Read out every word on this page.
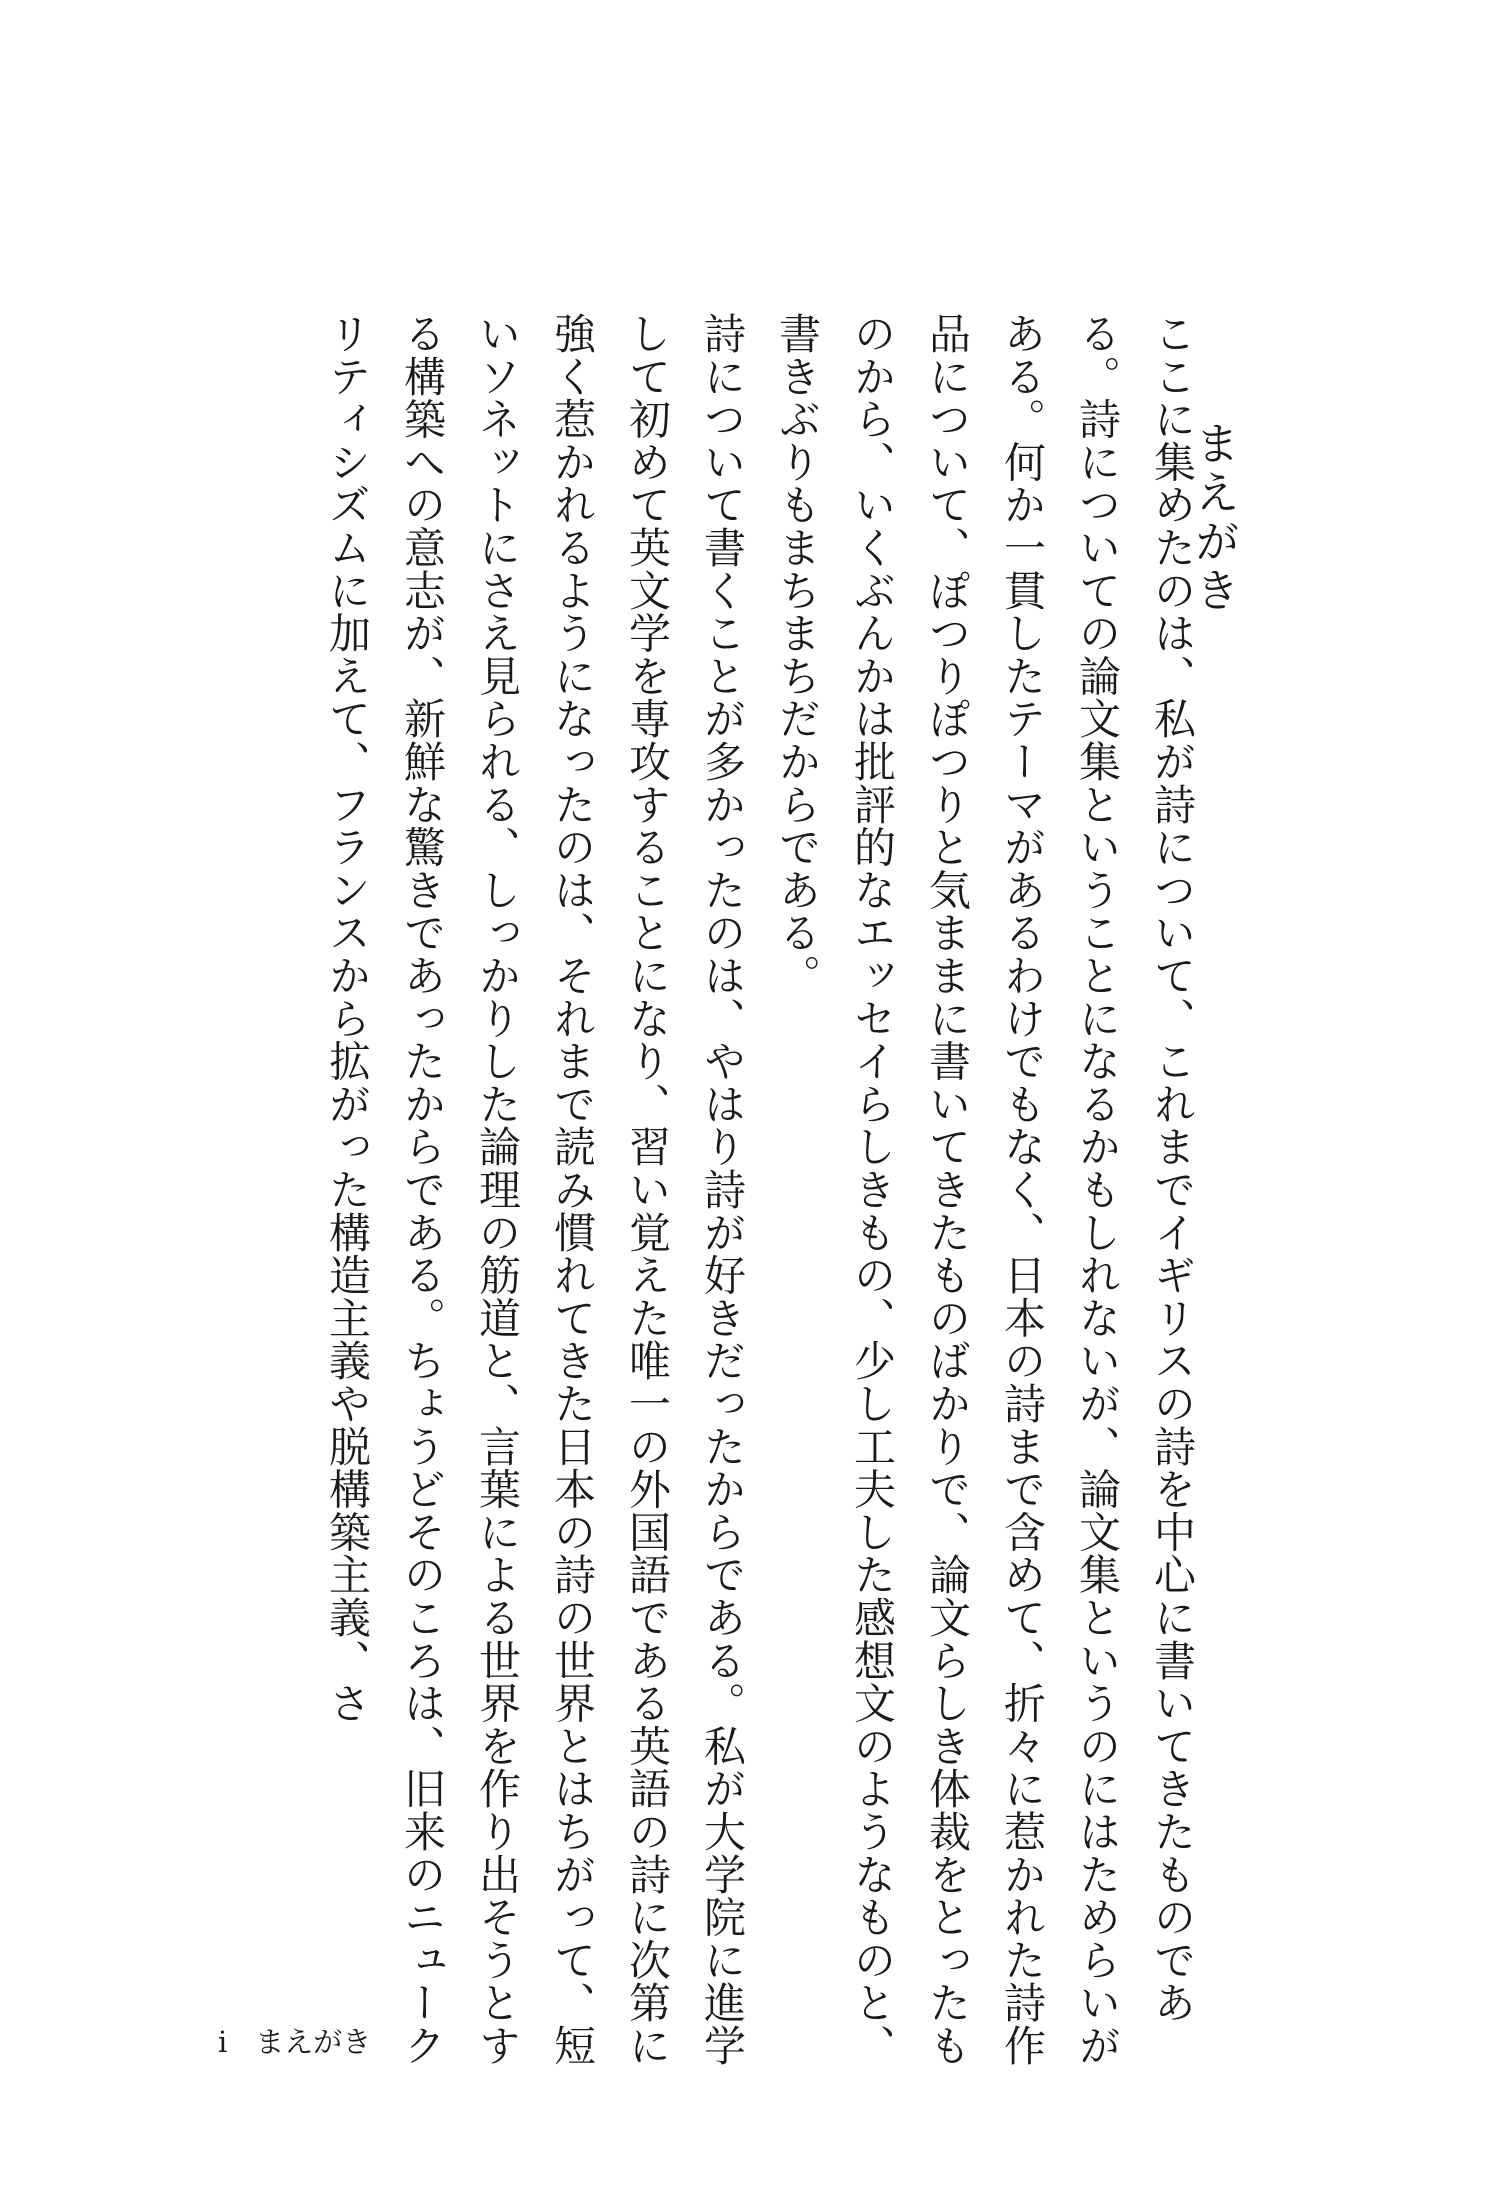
まえがき

ここに集めたのは、私が詩について、これまでイギリスの詩を中心に書いてきたものである。詩についての論文集ということになるかもしれないが、論文集というのにはためらいがある。何か一貫したテーマがあるわけでもなく、日本の詩まで含めて、折々に惹かれた詩作品について、ぽつりぽつりと気ままに書いてきたものばかりで、論文らしき体裁をとったものから、いくぶんかは批評的なエッセイらしきもの、少し工夫した感想文のようなものと、書きぶりもまちまちだからである。

詩について書くことが多かったのは、やはり詩が好きだったからである。私が大学院に進学して初めて英文学を専攻することになり、習い覚えた唯一の外国語である英語の詩に次第に強く惹かれるようになったのは、それまで読み慣れてきた日本の詩の世界とはちがって、短いソネットにさえ見られる、しっかりした論理の筋道と、言葉による世界を作り出そうとする構築への意志が、新鮮な驚きであったからである。ちょうどそのころは、旧来のニュークリティシズムに加えて、フランスから拡がった構造主義や脱構築主義、さ

i まえがき
